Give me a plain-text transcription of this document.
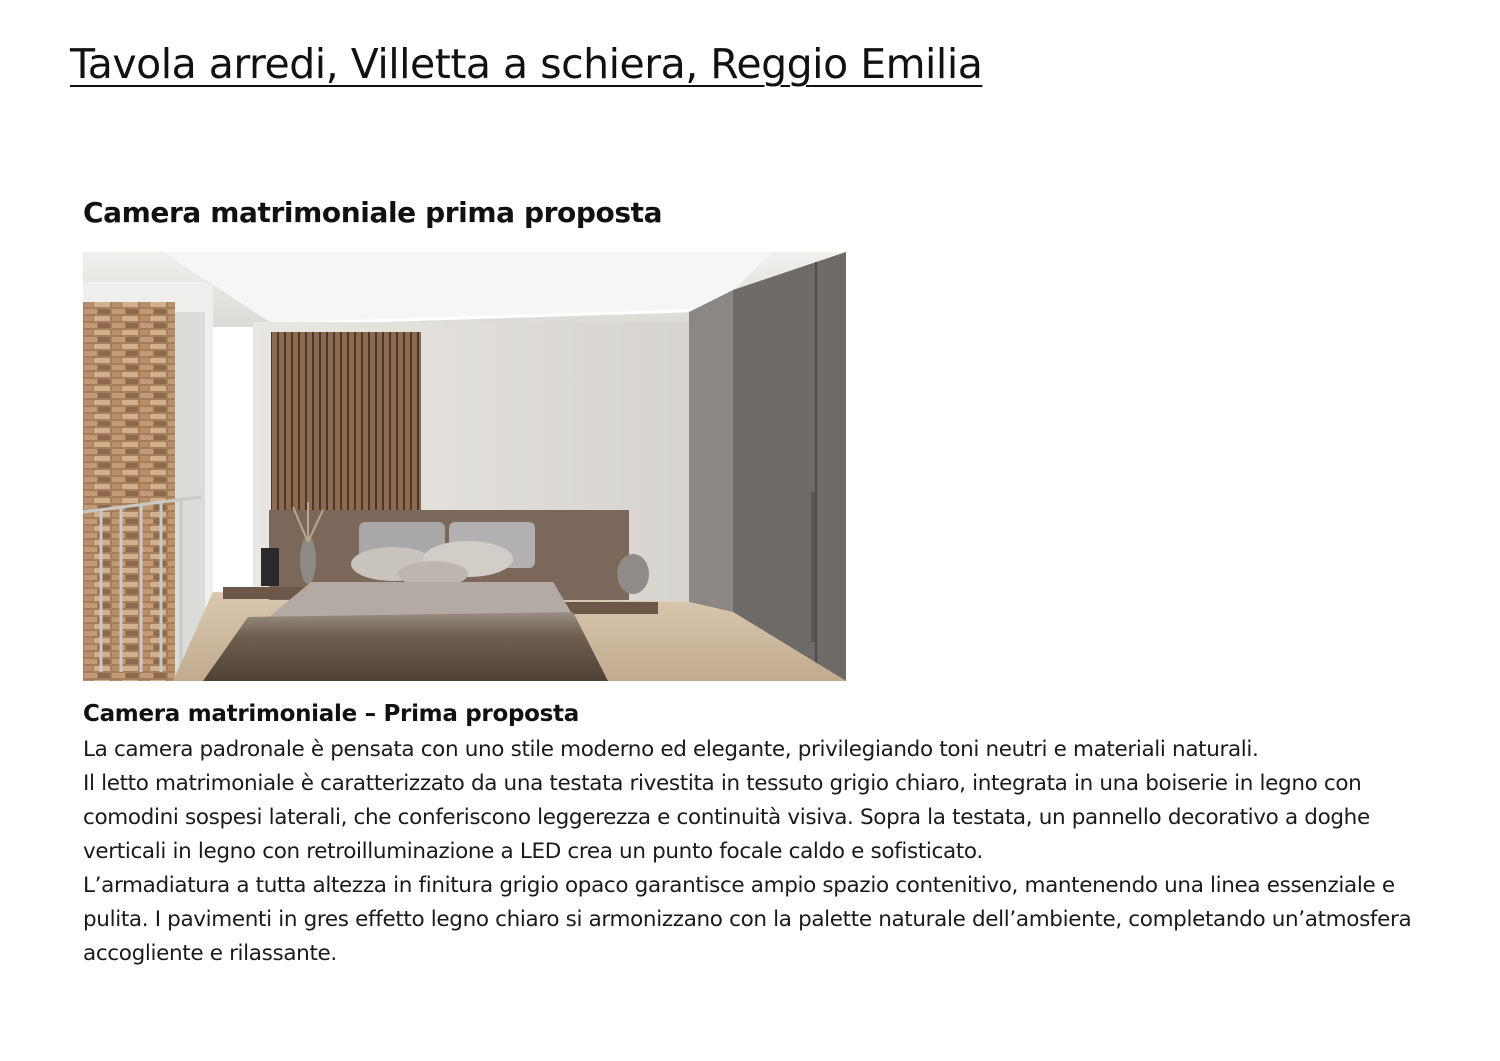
Tavola arredi, Villetta a schiera, Reggio Emilia
Camera matrimoniale prima proposta
Camera matrimoniale – Prima proposta

La camera padronale è pensata con uno stile moderno ed elegante, privilegiando toni neutri e materiali naturali.

Il letto matrimoniale è caratterizzato da una testata rivestita in tessuto grigio chiaro, integrata in una boiserie in legno con comodini sospesi laterali, che conferiscono leggerezza e continuità visiva. Sopra la testata, un pannello decorativo a doghe verticali in legno con retroilluminazione a LED crea un punto focale caldo e sofisticato.

L’armadiatura a tutta altezza in finitura grigio opaco garantisce ampio spazio contenitivo, mantenendo una linea essenziale e pulita. I pavimenti in gres effetto legno chiaro si armonizzano con la palette naturale dell’ambiente, completando un’atmosfera accogliente e rilassante.
